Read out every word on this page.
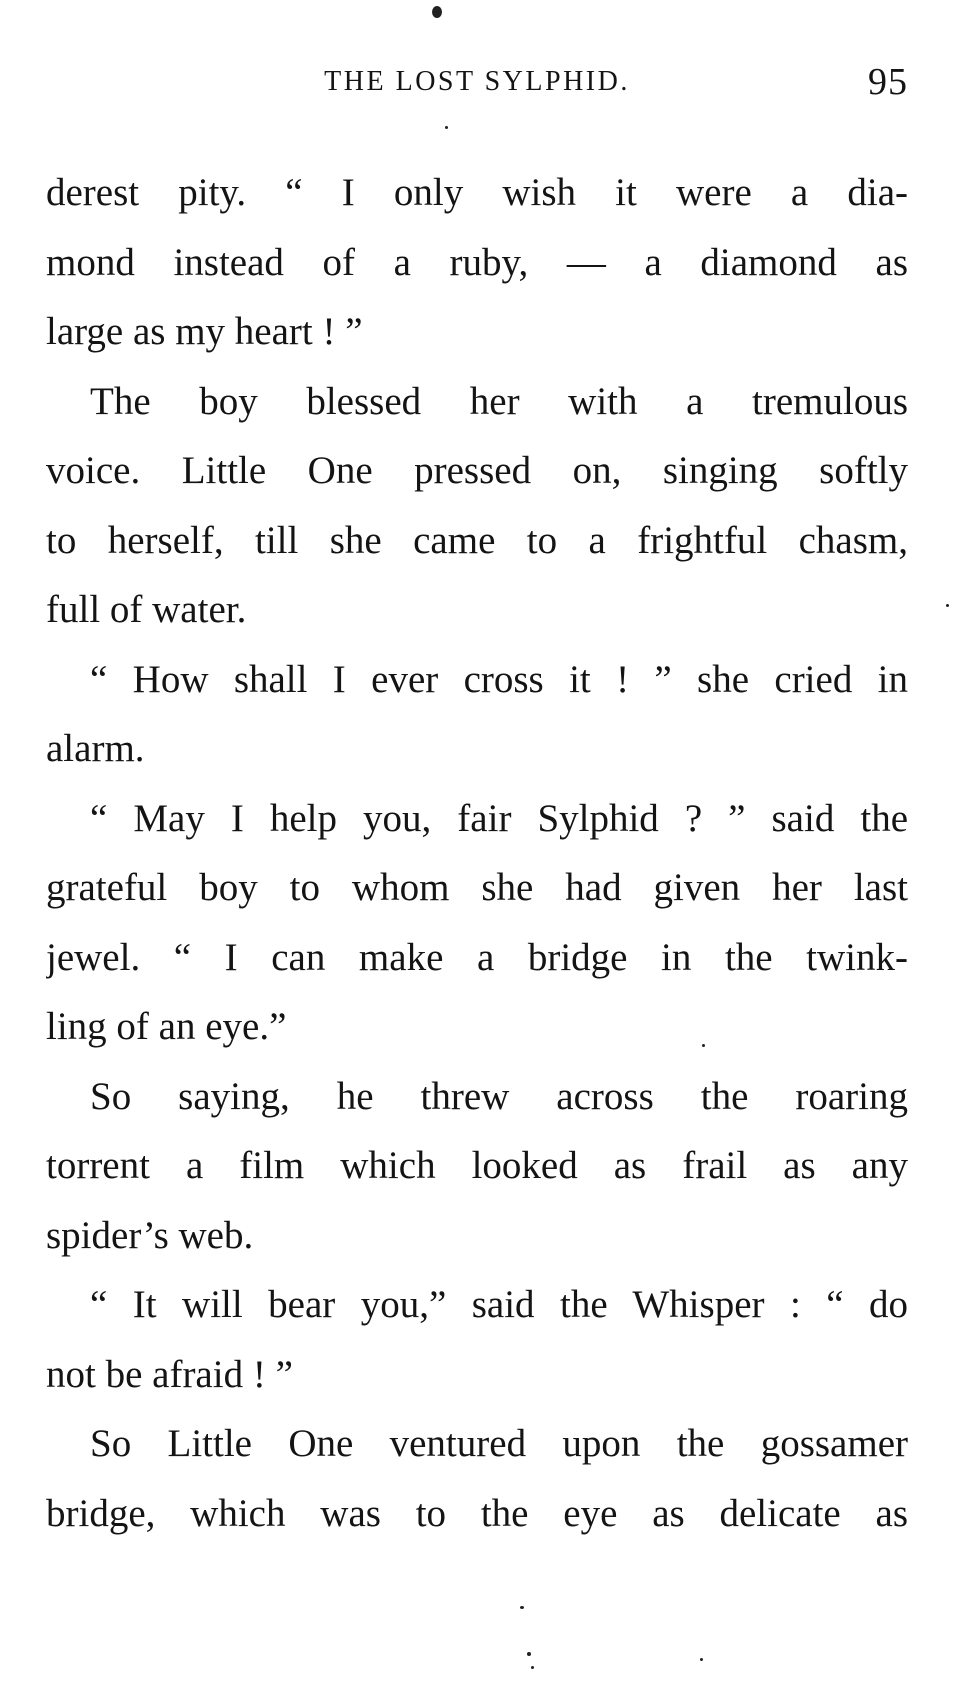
THE LOST SYLPHID.	95
derest pity. “ I only wish it were a dia-
mond instead of a ruby, — a diamond as
large as my heart ! ”
The boy blessed her with a tremulous
voice. Little One pressed on, singing softly
to herself, till she came to a frightful chasm,
full of water.
“ How shall I ever cross it ! ” she cried in
alarm.
“ May I help you, fair Sylphid ? ” said the
grateful boy to whom she had given her last
jewel. “ I can make a bridge in the twink-
ling of an eye.”
So saying, he threw across the roaring
torrent a film which looked as frail as any
spider’s web.
“ It will bear you,” said the Whisper : “ do
not be afraid ! ”
So Little One ventured upon the gossamer
bridge, which was to the eye as delicate as
